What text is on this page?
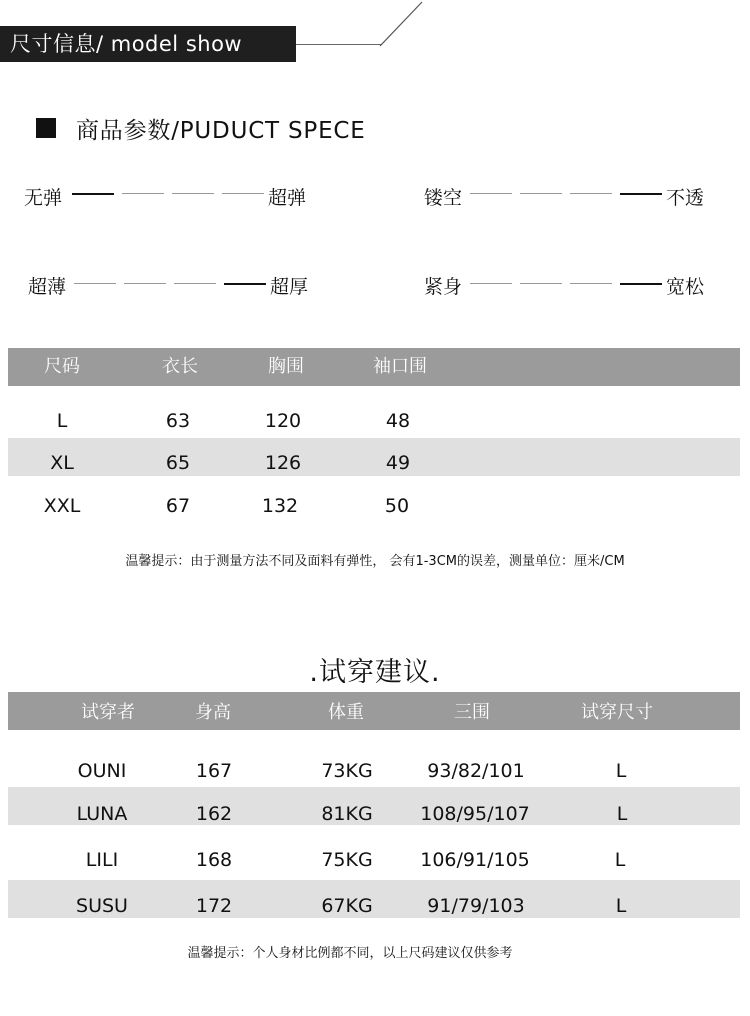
尺寸信息/ model show
商品参数/PUDUCT SPECE
无弹	超弹	镂空	不透
超薄	超厚	紧身	宽松
尺码	衣长	胸围	袖口围
L	63	120	48
XL	65	126	49
XXL	67	132	50
温馨提示：由于测量方法不同及面料有弹性， 会有1-3CM的误差，测量单位：厘米/CM
.试穿建议.
试穿者	身高	体重	三围	试穿尺寸
OUNI	167	73KG	93/82/101	L
LUNA	162	81KG	108/95/107	L
LILI	168	75KG	106/91/105	L
SUSU	172	67KG	91/79/103	L
温馨提示：个人身材比例都不同，以上尺码建议仅供参考
